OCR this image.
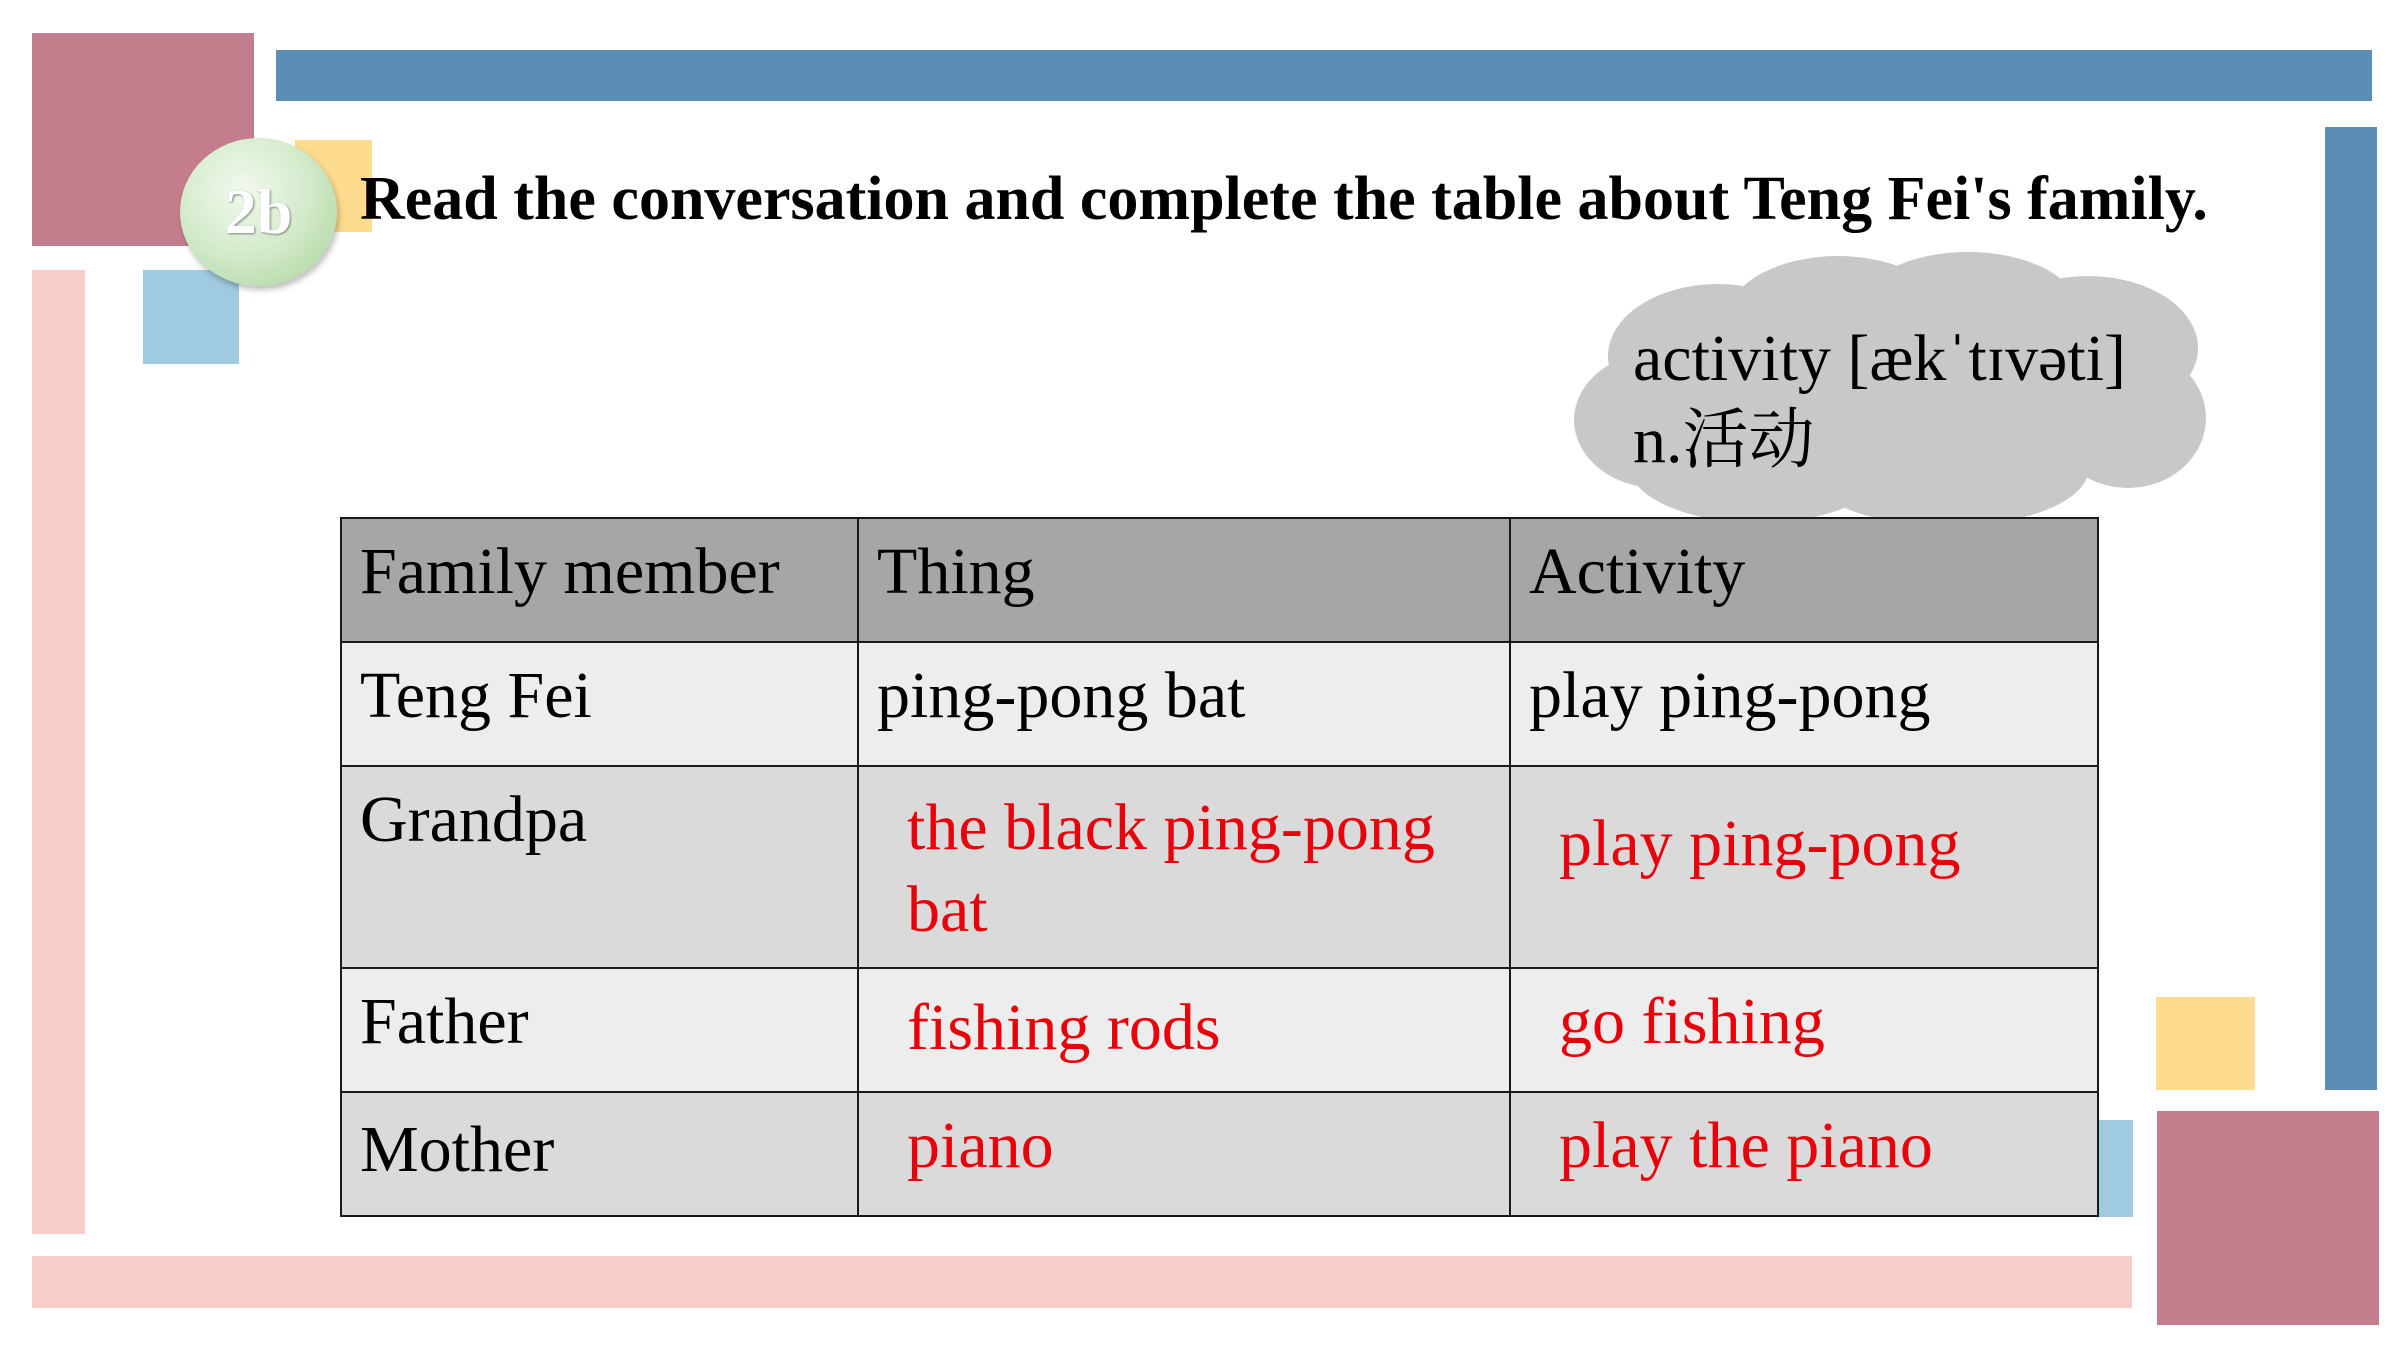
2b Read the conversation and complete the table about Teng Fei's family.

activity [ækˈtɪvəti]
n.活动
Family member	Thing	Activity
Teng Fei	ping-pong bat	play ping-pong
Grandpa	the black ping-pong bat	play ping-pong
Father	fishing rods	go fishing
Mother	piano	play the piano
